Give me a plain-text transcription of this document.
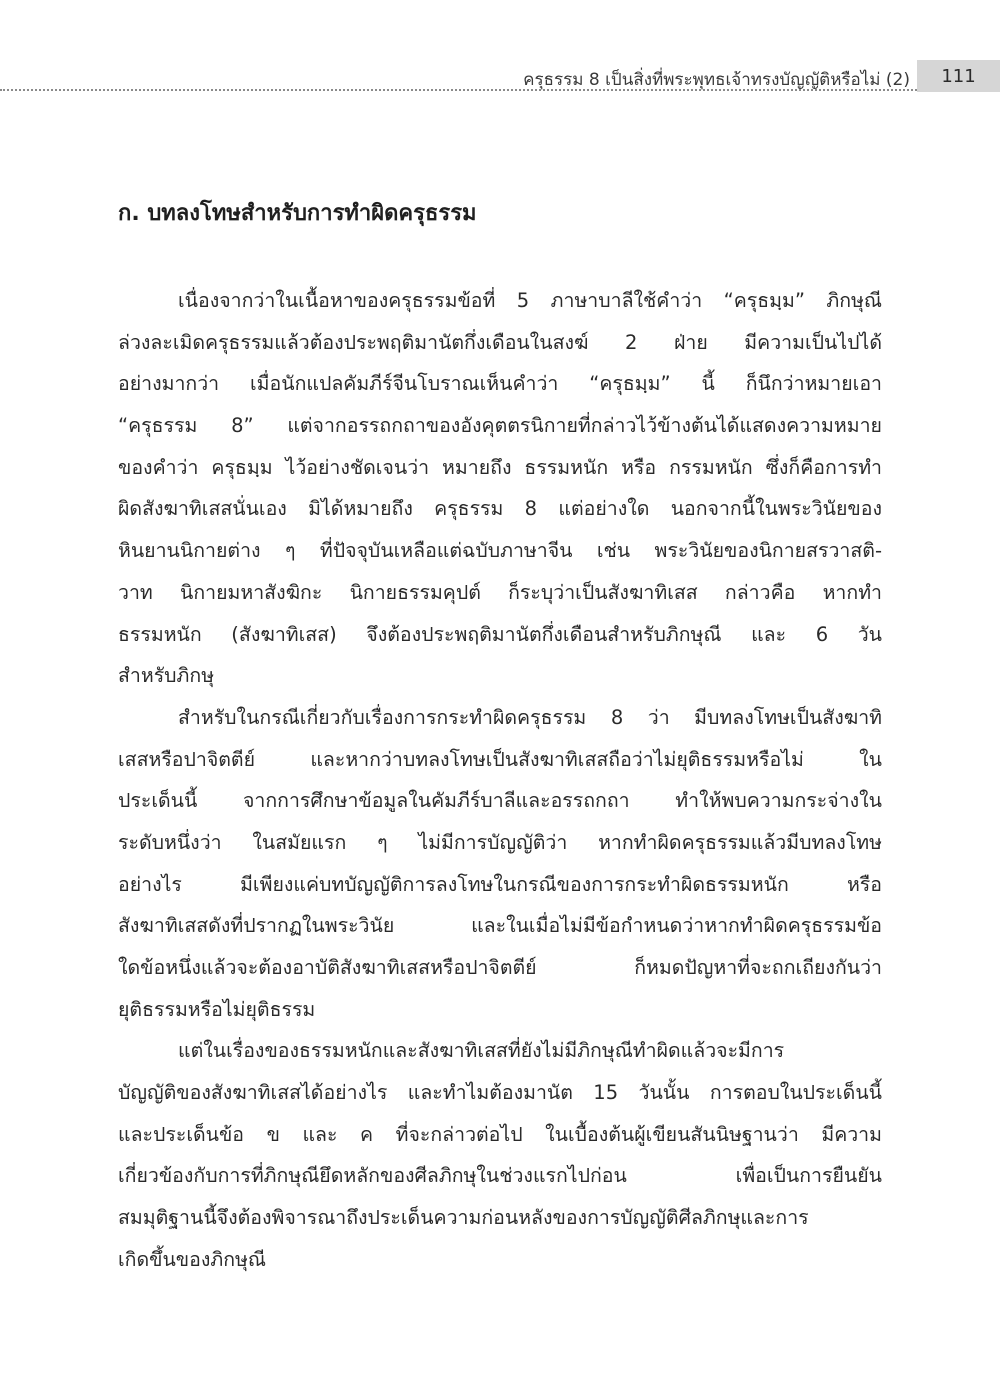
ครุธรรม 8 เป็นสิ่งที่พระพุทธเจ้าทรงบัญญัติหรือไม่ (2) 111
ก. บทลงโทษสำหรับการทำผิดครุธรรม
เนื่องจากว่าในเนื้อหาของครุธรรมข้อที่ 5 ภาษาบาลีใช้คำว่า “ครุธมฺม” ภิกษุณี
ล่วงละเมิดครุธรรมแล้วต้องประพฤติมานัตกึ่งเดือนในสงฆ์ 2 ฝ่าย มีความเป็นไปได้
อย่างมากว่า เมื่อนักแปลคัมภีร์จีนโบราณเห็นคำว่า “ครุธมฺม” นี้ ก็นึกว่าหมายเอา
“ครุธรรม 8” แต่จากอรรถกถาของอังคุตตรนิกายที่กล่าวไว้ข้างต้นได้แสดงความหมาย
ของคำว่า ครุธมฺม ไว้อย่างชัดเจนว่า หมายถึง ธรรมหนัก หรือ กรรมหนัก ซึ่งก็คือการทำ
ผิดสังฆาทิเสสนั่นเอง มิได้หมายถึง ครุธรรม 8 แต่อย่างใด นอกจากนี้ในพระวินัยของ
หินยานนิกายต่าง ๆ ที่ปัจจุบันเหลือแต่ฉบับภาษาจีน เช่น พระวินัยของนิกายสรวาสติ-
วาท นิกายมหาสังฆิกะ นิกายธรรมคุปต์ ก็ระบุว่าเป็นสังฆาทิเสส กล่าวคือ หากทำ
ธรรมหนัก (สังฆาทิเสส) จึงต้องประพฤติมานัตกึ่งเดือนสำหรับภิกษุณี และ 6 วัน
สำหรับภิกษุ
สำหรับในกรณีเกี่ยวกับเรื่องการกระทำผิดครุธรรม 8 ว่า มีบทลงโทษเป็นสังฆาทิ
เสสหรือปาจิตตีย์ และหากว่าบทลงโทษเป็นสังฆาทิเสสถือว่าไม่ยุติธรรมหรือไม่ ใน
ประเด็นนี้ จากการศึกษาข้อมูลในคัมภีร์บาลีและอรรถกถา ทำให้พบความกระจ่างใน
ระดับหนึ่งว่า ในสมัยแรก ๆ ไม่มีการบัญญัติว่า หากทำผิดครุธรรมแล้วมีบทลงโทษ
อย่างไร มีเพียงแค่บทบัญญัติการลงโทษในกรณีของการกระทำผิดธรรมหนัก หรือ
สังฆาทิเสสดังที่ปรากฏในพระวินัย และในเมื่อไม่มีข้อกำหนดว่าหากทำผิดครุธรรมข้อ
ใดข้อหนึ่งแล้วจะต้องอาบัติสังฆาทิเสสหรือปาจิตตีย์ ก็หมดปัญหาที่จะถกเถียงกันว่า
ยุติธรรมหรือไม่ยุติธรรม
แต่ในเรื่องของธรรมหนักและสังฆาทิเสสที่ยังไม่มีภิกษุณีทำผิดแล้วจะมีการ
บัญญัติของสังฆาทิเสสได้อย่างไร และทำไมต้องมานัต 15 วันนั้น การตอบในประเด็นนี้
และประเด็นข้อ ข และ ค ที่จะกล่าวต่อไป ในเบื้องต้นผู้เขียนสันนิษฐานว่า มีความ
เกี่ยวข้องกับการที่ภิกษุณียึดหลักของศีลภิกษุในช่วงแรกไปก่อน เพื่อเป็นการยืนยัน
สมมุติฐานนี้จึงต้องพิจารณาถึงประเด็นความก่อนหลังของการบัญญัติศีลภิกษุและการ
เกิดขึ้นของภิกษุณี
